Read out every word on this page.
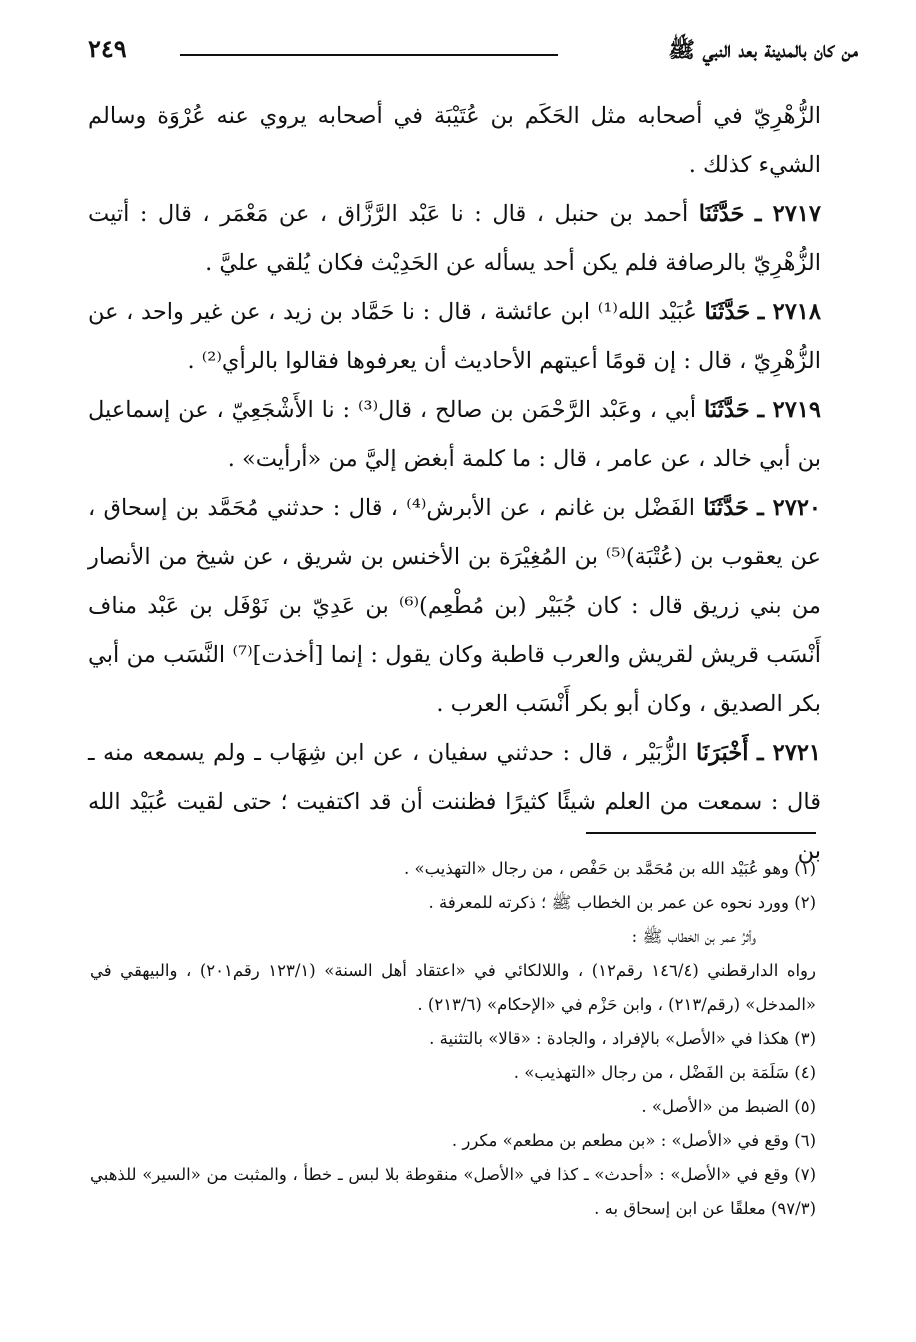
من كان بالمدينة بعد النبي ﷺ
٢٤٩

الزُّهْرِيّ في أصحابه مثل الحَكَم بن عُتَيْبَة في أصحابه يروي عنه عُرْوَة وسالم الشيء كذلك .

٢٧١٧ ـ حَدَّثَنَا أحمد بن حنبل ، قال : نا عَبْد الرَّزَّاق ، عن مَعْمَر ، قال : أتيت الزُّهْرِيّ بالرصافة فلم يكن أحد يسأله عن الحَدِيْث فكان يُلقي عليَّ .

٢٧١٨ ـ حَدَّثَنَا عُبَيْد الله⁽¹⁾ ابن عائشة ، قال : نا حَمَّاد بن زيد ، عن غير واحد ، عن الزُّهْرِيّ ، قال : إن قومًا أعيتهم الأحاديث أن يعرفوها فقالوا بالرأي⁽²⁾ .

٢٧١٩ ـ حَدَّثَنَا أبي ، وعَبْد الرَّحْمَن بن صالح ، قال⁽³⁾ : نا الأَشْجَعِيّ ، عن إسماعيل بن أبي خالد ، عن عامر ، قال : ما كلمة أبغض إليَّ من «أرأيت» .

٢٧٢٠ ـ حَدَّثَنَا الفَضْل بن غانم ، عن الأبرش⁽⁴⁾ ، قال : حدثني مُحَمَّد بن إسحاق ، عن يعقوب بن (عُتْبَة)⁽⁵⁾ بن المُغِيْرَة بن الأخنس بن شريق ، عن شيخ من الأنصار من بني زريق قال : كان جُبَيْر (بن مُطْعِم)⁽⁶⁾ بن عَدِيّ بن نَوْفَل بن عَبْد مناف أَنْسَب قريش لقريش والعرب قاطبة وكان يقول : إنما [أخذت]⁽⁷⁾ النَّسَب من أبي بكر الصديق ، وكان أبو بكر أَنْسَب العرب .

٢٧٢١ ـ أَخْبَرَنَا الزُّبَيْر ، قال : حدثني سفيان ، عن ابن شِهَاب ـ ولم يسمعه منه ـ قال : سمعت من العلم شيئًا كثيرًا فظننت أن قد اكتفيت ؛ حتى لقيت عُبَيْد الله بن

(١) وهو عُبَيْد الله بن مُحَمَّد بن حَفْص ، من رجال «التهذيب» .

(٢) وورد نحوه عن عمر بن الخطاب ﷺ ؛ ذكرته للمعرفة .

وأثرُ عمر بن الخطاب ﷺ :

رواه الدارقطني (١٤٦/٤ رقم١٢) ، واللالكائي في «اعتقاد أهل السنة» (١٢٣/١ رقم٢٠١) ، والبيهقي في «المدخل» (رقم/٢١٣) ، وابن حَزْم في «الإحكام» (٢١٣/٦) .

(٣) هكذا في «الأصل» بالإفراد ، والجادة : «قالا» بالتثنية .

(٤) سَلَمَة بن الفَضْل ، من رجال «التهذيب» .

(٥) الضبط من «الأصل» .

(٦) وقع في «الأصل» : «بن مطعم بن مطعم» مكرر .

(٧) وقع في «الأصل» : «أحدث» ـ كذا في «الأصل» منقوطة بلا لبس ـ خطأ ، والمثبت من «السير» للذهبي (٩٧/٣) معلقًا عن ابن إسحاق به .
